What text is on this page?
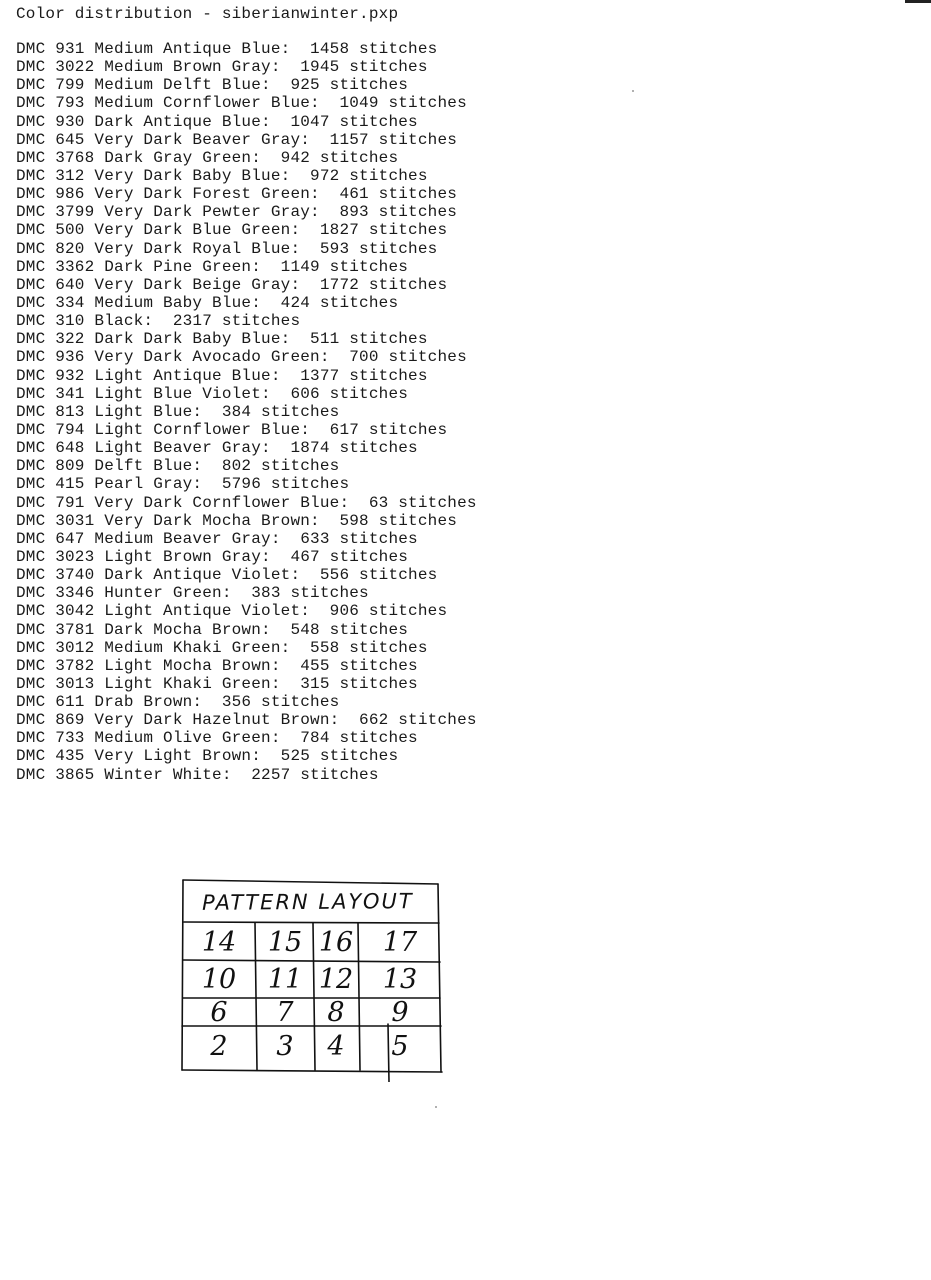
Color distribution - siberianwinter.pxp
DMC 931 Medium Antique Blue:  1458 stitches
DMC 3022 Medium Brown Gray:  1945 stitches
DMC 799 Medium Delft Blue:  925 stitches
DMC 793 Medium Cornflower Blue:  1049 stitches
DMC 930 Dark Antique Blue:  1047 stitches
DMC 645 Very Dark Beaver Gray:  1157 stitches
DMC 3768 Dark Gray Green:  942 stitches
DMC 312 Very Dark Baby Blue:  972 stitches
DMC 986 Very Dark Forest Green:  461 stitches
DMC 3799 Very Dark Pewter Gray:  893 stitches
DMC 500 Very Dark Blue Green:  1827 stitches
DMC 820 Very Dark Royal Blue:  593 stitches
DMC 3362 Dark Pine Green:  1149 stitches
DMC 640 Very Dark Beige Gray:  1772 stitches
DMC 334 Medium Baby Blue:  424 stitches
DMC 310 Black:  2317 stitches
DMC 322 Dark Dark Baby Blue:  511 stitches
DMC 936 Very Dark Avocado Green:  700 stitches
DMC 932 Light Antique Blue:  1377 stitches
DMC 341 Light Blue Violet:  606 stitches
DMC 813 Light Blue:  384 stitches
DMC 794 Light Cornflower Blue:  617 stitches
DMC 648 Light Beaver Gray:  1874 stitches
DMC 809 Delft Blue:  802 stitches
DMC 415 Pearl Gray:  5796 stitches
DMC 791 Very Dark Cornflower Blue:  63 stitches
DMC 3031 Very Dark Mocha Brown:  598 stitches
DMC 647 Medium Beaver Gray:  633 stitches
DMC 3023 Light Brown Gray:  467 stitches
DMC 3740 Dark Antique Violet:  556 stitches
DMC 3346 Hunter Green:  383 stitches
DMC 3042 Light Antique Violet:  906 stitches
DMC 3781 Dark Mocha Brown:  548 stitches
DMC 3012 Medium Khaki Green:  558 stitches
DMC 3782 Light Mocha Brown:  455 stitches
DMC 3013 Light Khaki Green:  315 stitches
DMC 611 Drab Brown:  356 stitches
DMC 869 Very Dark Hazelnut Brown:  662 stitches
DMC 733 Medium Olive Green:  784 stitches
DMC 435 Very Light Brown:  525 stitches
DMC 3865 Winter White:  2257 stitches
PATTERN LAYOUT
14	15 16	17
10	11 12	13
6	7	8	9
2	3	4	5
